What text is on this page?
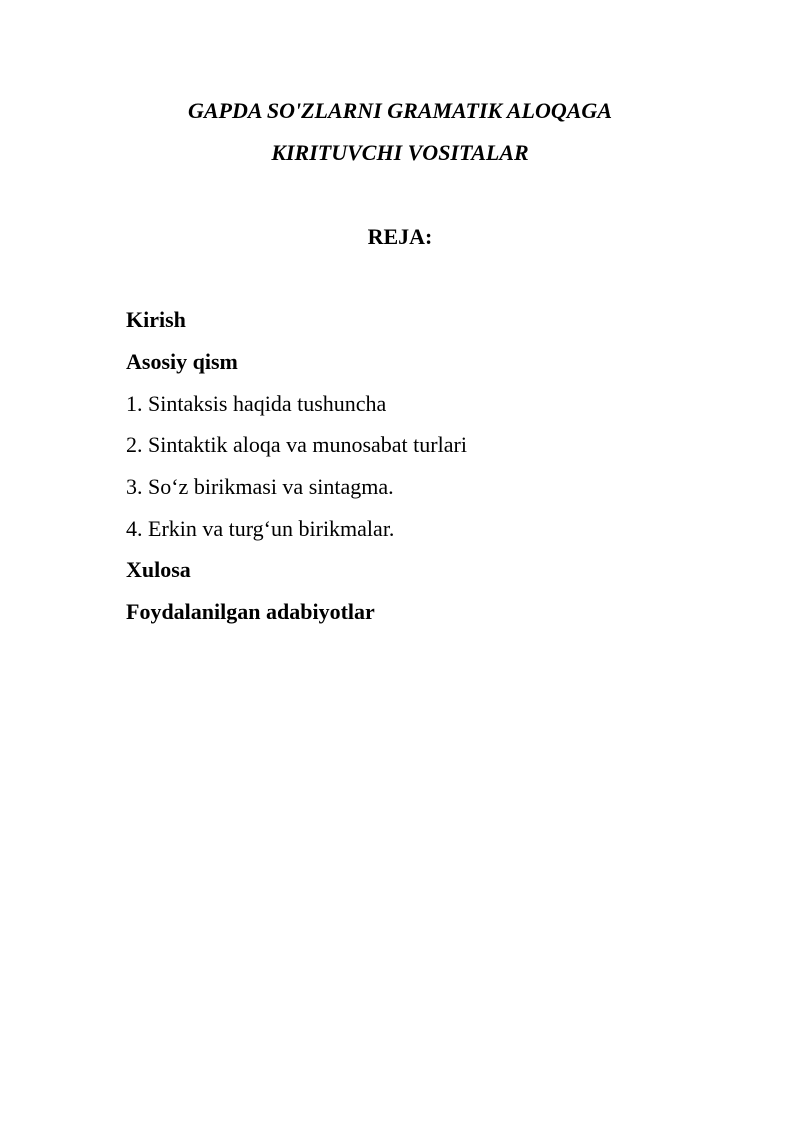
GAPDA SO'ZLARNI GRAMATIK ALOQAGA
KIRITUVCHI VOSITALAR
REJA:
Kirish
Asosiy qism
1. Sintaksis haqida tushuncha
2. Sintaktik aloqa va munosabat turlari
3. So‘z birikmasi va sintagma.
4. Erkin va turg‘un birikmalar.
Xulosa
Foydalanilgan adabiyotlar
